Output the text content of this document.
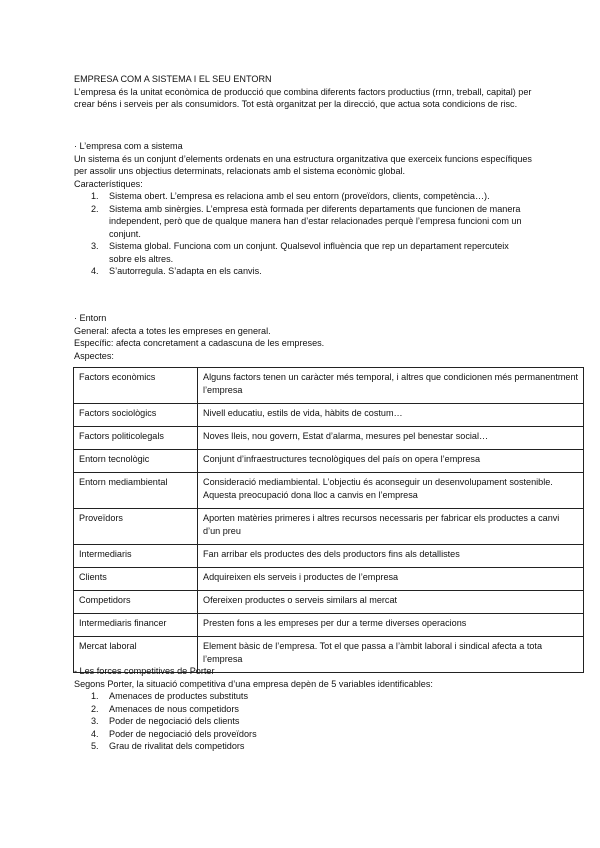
EMPRESA COM A SISTEMA I EL SEU ENTORN

L’empresa és la unitat econòmica de producció que combina diferents factors productius (rrnn, treball, capital) per crear béns i serveis per als consumidors. Tot està organitzat per la direcció, que actua sota condicions de risc.

· L’empresa com a sistema

Un sistema és un conjunt d’elements ordenats en una estructura organitzativa que exerceix funcions específiques per assolir uns objectius determinats, relacionats amb el sistema econòmic global.

Característiques:

1. Sistema obert. L’empresa es relaciona amb el seu entorn (proveïdors, clients, competència…).
2. Sistema amb sinèrgies. L’empresa està formada per diferents departaments que funcionen de manera independent, però que de qualque manera han d’estar relacionades perquè l’empresa funcioni com un conjunt.
3. Sistema global. Funciona com un conjunt. Qualsevol influència que rep un departament repercuteix sobre els altres.
4. S’autorregula. S’adapta en els canvis.

· Entorn

General: afecta a totes les empreses en general.

Específic: afecta concretament a cadascuna de les empreses.

Aspectes:

Factors econòmics	Alguns factors tenen un caràcter més temporal, i altres que condicionen més permanentment l’empresa
Factors sociològics	Nivell educatiu, estils de vida, hàbits de costum…
Factors politicolegals	Noves lleis, nou govern, Estat d’alarma, mesures pel benestar social…
Entorn tecnològic	Conjunt d’infraestructures tecnològiques del país on opera l’empresa
Entorn mediambiental	Consideració mediambiental. L’objectiu és aconseguir un desenvolupament sostenible. Aquesta preocupació dona lloc a canvis en l’empresa
Proveïdors	Aporten matèries primeres i altres recursos necessaris per fabricar els productes a canvi d’un preu
Intermediaris	Fan arribar els productes des dels productors fins als detallistes
Clients	Adquireixen els serveis i productes de l’empresa
Competidors	Ofereixen productes o serveis similars al mercat
Intermediaris financer	Presten fons a les empreses per dur a terme diverses operacions
Mercat laboral	Element bàsic de l’empresa. Tot el que passa a l’àmbit laboral i sindical afecta a tota l’empresa

- Les forces competitives de Porter

Segons Porter, la situació competitiva d’una empresa depèn de 5 variables identificables:

1. Amenaces de productes substituts
2. Amenaces de nous competidors
3. Poder de negociació dels clients
4. Poder de negociació dels proveïdors
5. Grau de rivalitat dels competidors
